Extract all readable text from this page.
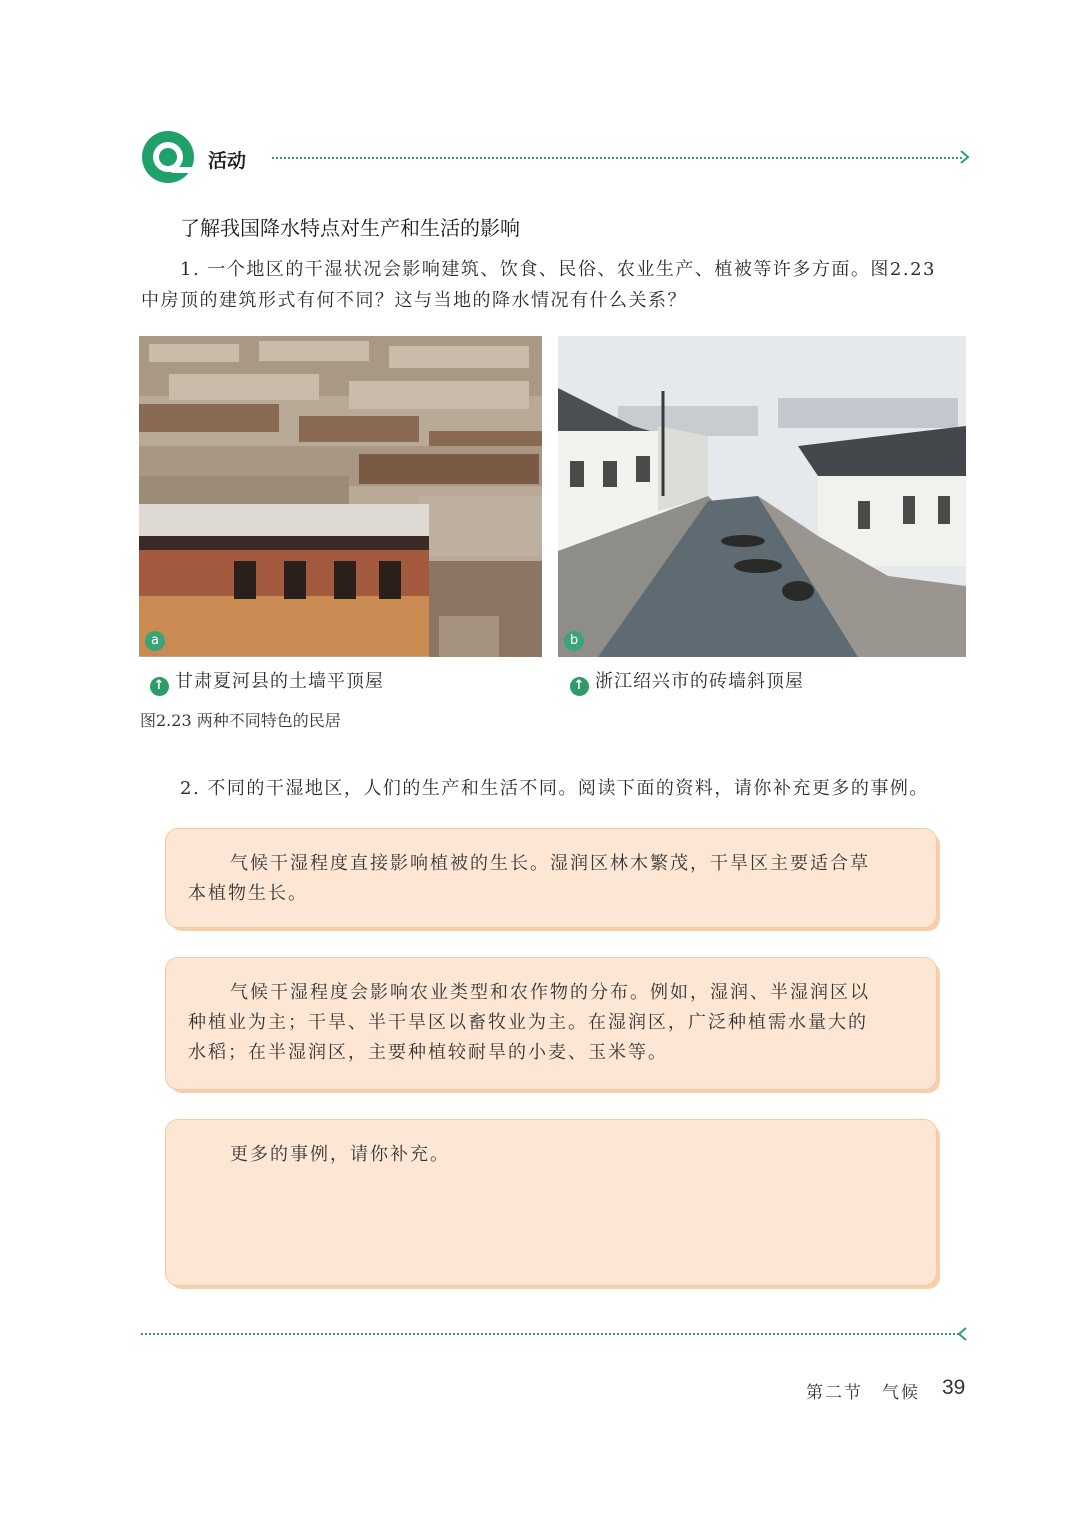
活动
了解我国降水特点对生产和生活的影响
1. 一个地区的干湿状况会影响建筑、饮食、民俗、农业生产、植被等许多方面。图2.23
中房顶的建筑形式有何不同？这与当地的降水情况有什么关系？
a	b
↑ 甘肃夏河县的土墙平顶屋	↑ 浙江绍兴市的砖墙斜顶屋
图2.23 两种不同特色的民居
2. 不同的干湿地区，人们的生产和生活不同。阅读下面的资料，请你补充更多的事例。
气候干湿程度直接影响植被的生长。湿润区林木繁茂，干旱区主要适合草
本植物生长。
气候干湿程度会影响农业类型和农作物的分布。例如，湿润、半湿润区以
种植业为主；干旱、半干旱区以畜牧业为主。在湿润区，广泛种植需水量大的
水稻；在半湿润区，主要种植较耐旱的小麦、玉米等。
更多的事例，请你补充。
第二节　气候 39
